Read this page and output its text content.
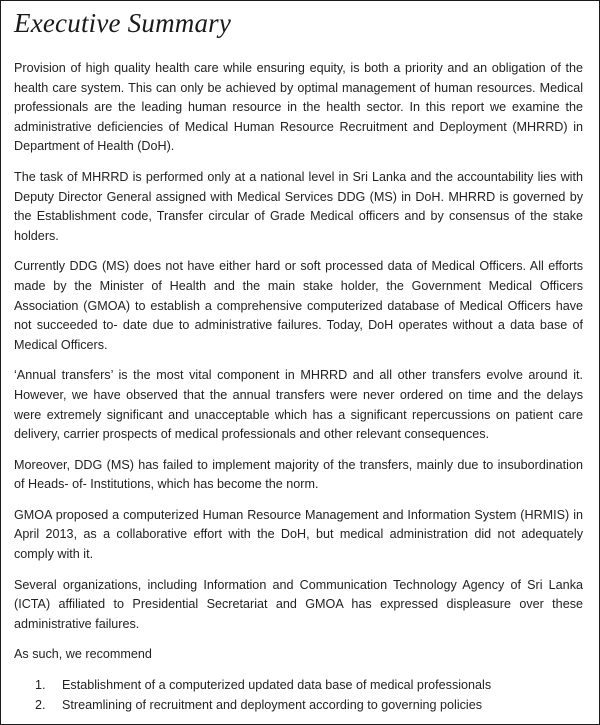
Executive Summary

Provision of high quality health care while ensuring equity, is both a priority and an obligation of the health care system. This can only be achieved by optimal management of human resources. Medical professionals are the leading human resource in the health sector. In this report we examine the administrative deficiencies of Medical Human Resource Recruitment and Deployment (MHRRD) in Department of Health (DoH).

The task of MHRRD is performed only at a national level in Sri Lanka and the accountability lies with Deputy Director General assigned with Medical Services DDG (MS) in DoH. MHRRD is governed by the Establishment code, Transfer circular of Grade Medical officers and by consensus of the stake holders.

Currently DDG (MS) does not have either hard or soft processed data of Medical Officers. All efforts made by the Minister of Health and the main stake holder, the Government Medical Officers Association (GMOA) to establish a comprehensive computerized database of Medical Officers have not succeeded to- date due to administrative failures. Today, DoH operates without a data base of Medical Officers.

‘Annual transfers’ is the most vital component in MHRRD and all other transfers evolve around it. However, we have observed that the annual transfers were never ordered on time and the delays were extremely significant and unacceptable which has a significant repercussions on patient care delivery, carrier prospects of medical professionals and other relevant consequences.

Moreover, DDG (MS) has failed to implement majority of the transfers, mainly due to insubordination of Heads- of- Institutions, which has become the norm.

GMOA proposed a computerized Human Resource Management and Information System (HRMIS) in April 2013, as a collaborative effort with the DoH, but medical administration did not adequately comply with it.

Several organizations, including Information and Communication Technology Agency of Sri Lanka (ICTA) affiliated to Presidential Secretariat and GMOA has expressed displeasure over these administrative failures.

As such, we recommend

1.	Establishment of a computerized updated data base of medical professionals
2.	Streamlining of recruitment and deployment according to governing policies
